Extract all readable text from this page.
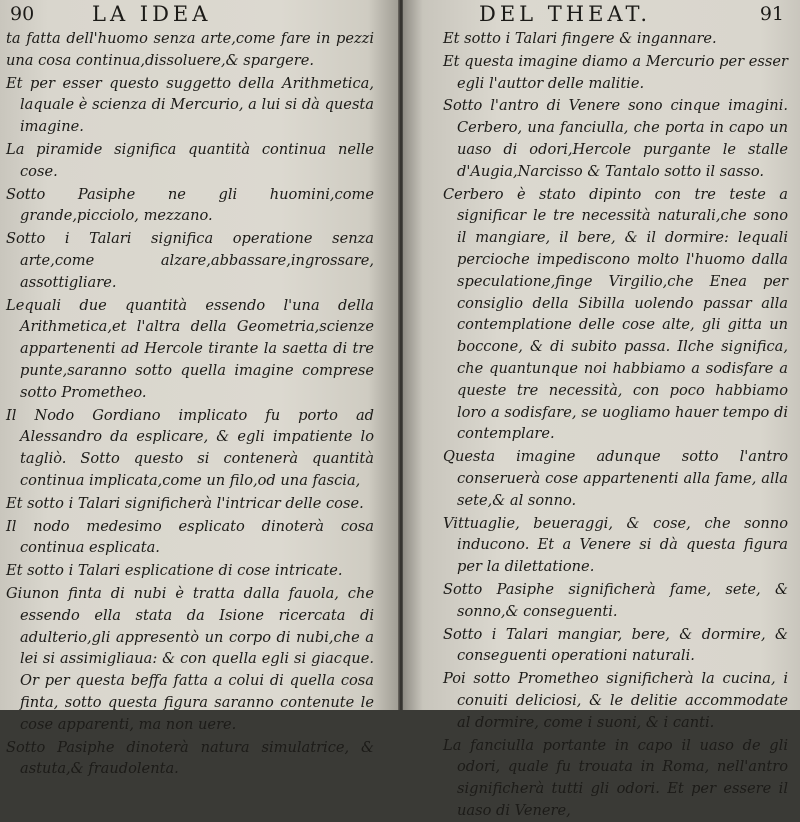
90	LA IDEA

ta fatta dell'huomo senza arte,come fare in pezzi una cosa continua,dissoluere,& spargere.

Et per esser questo suggetto della Arithmetica, laquale è scienza di Mercurio, a lui si dà questa imagine.

La piramide significa quantità continua nelle cose.

Sotto Pasiphe ne gli huomini,come grande,picciolo, mezzano.

Sotto i Talari significa operatione senza arte,come alzare,abbassare,ingrossare, assottigliare.

Lequali due quantità essendo l'una della Arithmetica,et l'altra della Geometria,scienze appartenenti ad Hercole tirante la saetta di tre punte,saranno sotto quella imagine comprese sotto Prometheo.

Il Nodo Gordiano implicato fu porto ad Alessandro da esplicare, & egli impatiente lo tagliò. Sotto questo si contenerà quantità continua implicata,come un filo,od una fascia,

Et sotto i Talari significherà l'intricar delle cose.

Il nodo medesimo esplicato dinoterà cosa continua esplicata.

Et sotto i Talari esplicatione di cose intricate.

Giunon finta di nubi è tratta dalla fauola, che essendo ella stata da Isione ricercata di adulterio,gli appresentò un corpo di nubi,che a lei si assimigliaua: & con quella egli si giacque. Or per questa beffa fatta a colui di quella cosa finta, sotto questa figura saranno contenute le cose apparenti, ma non uere.

Sotto Pasiphe dinoterà natura simulatrice, & astuta,& fraudolenta.

DEL THEAT.	91

Et sotto i Talari fingere & ingannare.

Et questa imagine diamo a Mercurio per esser egli l'auttor delle malitie.

Sotto l'antro di Venere sono cinque imagini. Cerbero, una fanciulla, che porta in capo un uaso di odori,Hercole purgante le stalle d'Augia,Narcisso & Tantalo sotto il sasso.

Cerbero è stato dipinto con tre teste a significar le tre necessità naturali,che sono il mangiare, il bere, & il dormire: lequali percioche impediscono molto l'huomo dalla speculatione,finge Virgilio,che Enea per consiglio della Sibilla uolendo passar alla contemplatione delle cose alte, gli gitta un boccone, & di subito passa. Ilche significa, che quantunque noi habbiamo a sodisfare a queste tre necessità, con poco habbiamo loro a sodisfare, se uogliamo hauer tempo di contemplare.

Questa imagine adunque sotto l'antro conseruerà cose appartenenti alla fame, alla sete,& al sonno.

Vittuaglie, beueraggi, & cose, che sonno inducono. Et a Venere si dà questa figura per la dilettatione.

Sotto Pasiphe significherà fame, sete, & sonno,& conseguenti.

Sotto i Talari mangiar, bere, & dormire, & conseguenti operationi naturali.

Poi sotto Prometheo significherà la cucina, i conuiti deliciosi, & le delitie accommodate al dormire, come i suoni, & i canti.

La fanciulla portante in capo il uaso de gli odori, quale fu trouata in Roma, nell'antro significherà tutti gli odori. Et per essere il uaso di Venere,
